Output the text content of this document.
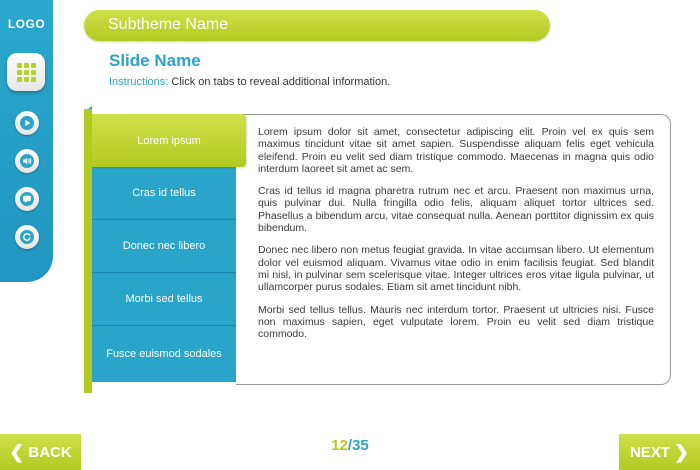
LOGO	Subtheme Name
Slide Name
Instructions: Click on tabs to reveal additional information.

Lorem ipsum dolor sit amet, consectetur adipiscing elit. Proin vel ex quis sem maximus tincidunt vitae sit amet sapien. Suspendisse aliquam felis eget vehicula eleifend. Proin eu velit sed diam tristique commodo. Maecenas in magna quis odio interdum laoreet sit amet ac sem.

Cras id tellus id magna pharetra rutrum nec et arcu. Praesent non maximus urna, quis pulvinar dui. Nulla fringilla odio felis, aliquam aliquet tortor ultrices sed. Phasellus a bibendum arcu, vitae consequat nulla. Aenean porttitor dignissim ex quis bibendum.

Donec nec libero non metus feugiat gravida. In vitae accumsan libero. Ut elementum dolor vel euismod aliquam. Vivamus vitae odio in enim facilisis feugiat. Sed blandit mi nisl, in pulvinar sem scelerisque vitae. Integer ultrices eros vitae ligula pulvinar, ut ullamcorper purus sodales. Etiam sit amet tincidunt nibh.

Morbi sed tellus tellus. Mauris nec interdum tortor. Praesent ut ultricies nisi. Fusce non maximus sapien, eget vulputate lorem. Proin eu velit sed diam tristique commodo.

Lorem ipsum
Cras id tellus
Donec nec libero
Morbi sed tellus
Fusce euismod sodales
❮ BACK	12/35	NEXT ❯
